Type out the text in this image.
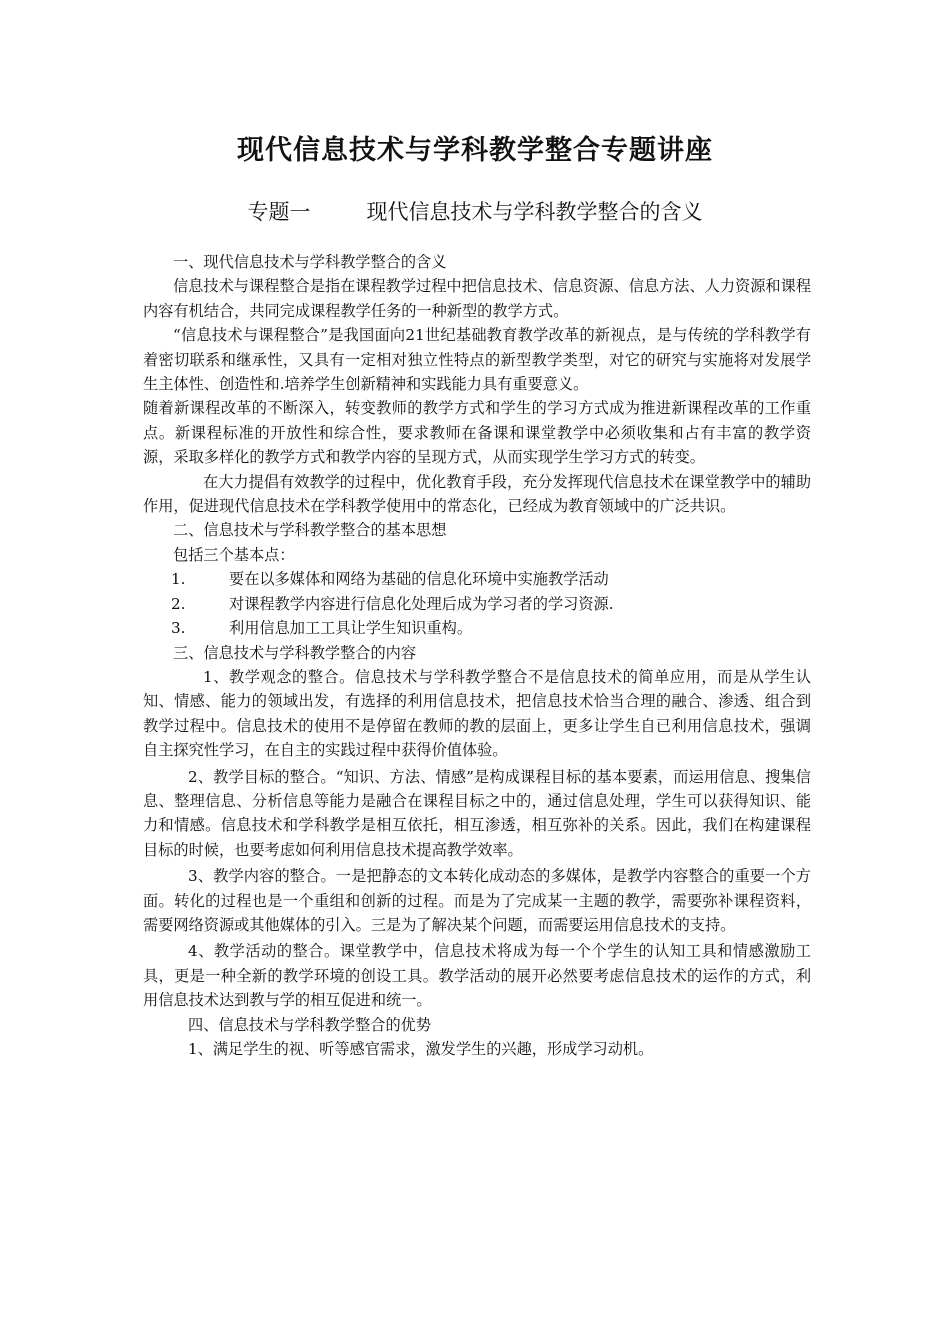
现代信息技术与学科教学整合专题讲座
专题一	现代信息技术与学科教学整合的含义

一、现代信息技术与学科教学整合的含义

信息技术与课程整合是指在课程教学过程中把信息技术、信息资源、信息方法、人力资源和课程内容有机结合，共同完成课程教学任务的一种新型的教学方式。

“信息技术与课程整合”是我国面向21世纪基础教育教学改革的新视点，是与传统的学科教学有着密切联系和继承性，又具有一定相对独立性特点的新型教学类型，对它的研究与实施将对发展学生主体性、创造性和.培养学生创新精神和实践能力具有重要意义。

随着新课程改革的不断深入，转变教师的教学方式和学生的学习方式成为推进新课程改革的工作重点。新课程标准的开放性和综合性，要求教师在备课和课堂教学中必须收集和占有丰富的教学资源，采取多样化的教学方式和教学内容的呈现方式，从而实现学生学习方式的转变。

在大力提倡有效教学的过程中，优化教育手段，充分发挥现代信息技术在课堂教学中的辅助作用，促进现代信息技术在学科教学使用中的常态化，已经成为教育领域中的广泛共识。

二、信息技术与学科教学整合的基本思想

包括三个基本点：

1.	要在以多媒体和网络为基础的信息化环境中实施教学活动

2.	对课程教学内容进行信息化处理后成为学习者的学习资源.

3.	利用信息加工工具让学生知识重构。

三、信息技术与学科教学整合的内容

1、教学观念的整合。信息技术与学科教学整合不是信息技术的简单应用，而是从学生认知、情感、能力的领域出发，有选择的利用信息技术，把信息技术恰当合理的融合、渗透、组合到教学过程中。信息技术的使用不是停留在教师的教的层面上，更多让学生自已利用信息技术，强调自主探究性学习，在自主的实践过程中获得价值体验。

2、教学目标的整合。“知识、方法、情感”是构成课程目标的基本要素，而运用信息、搜集信息、整理信息、分析信息等能力是融合在课程目标之中的，通过信息处理，学生可以获得知识、能力和情感。信息技术和学科教学是相互依托，相互渗透，相互弥补的关系。因此，我们在构建课程目标的时候，也要考虑如何利用信息技术提高教学效率。

3、教学内容的整合。一是把静态的文本转化成动态的多媒体，是教学内容整合的重要一个方面。转化的过程也是一个重组和创新的过程。而是为了完成某一主题的教学，需要弥补课程资料，需要网络资源或其他媒体的引入。三是为了解决某个问题，而需要运用信息技术的支持。

4、教学活动的整合。课堂教学中，信息技术将成为每一个个学生的认知工具和情感激励工具，更是一种全新的教学环境的创设工具。教学活动的展开必然要考虑信息技术的运作的方式，利用信息技术达到教与学的相互促进和统一。

四、信息技术与学科教学整合的优势

1、满足学生的视、听等感官需求，激发学生的兴趣，形成学习动机。
